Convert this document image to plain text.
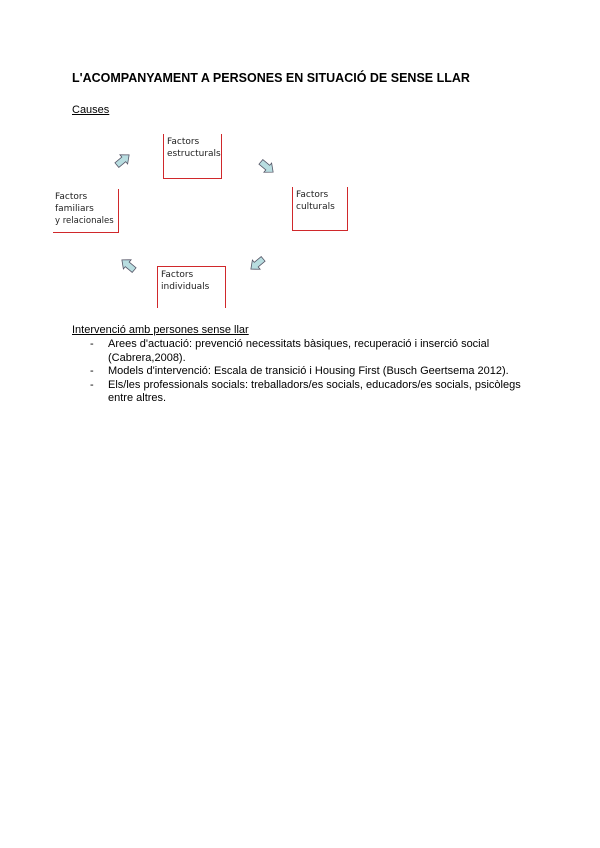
L'ACOMPANYAMENT A PERSONES EN SITUACIÓ DE SENSE LLAR
Causes
Factors
estructurals
Factors
culturals
Factors
familiars
y relacionales
Factors
individuals
Intervenció amb persones sense llar
- Arees d'actuació: prevenció necessitats bàsiques, recuperació i inserció social (Cabrera,2008).
- Models d'intervenció: Escala de transició i Housing First (Busch Geertsema 2012).
- Els/les professionals socials: treballadors/es socials, educadors/es socials, psicòlegs entre altres.
